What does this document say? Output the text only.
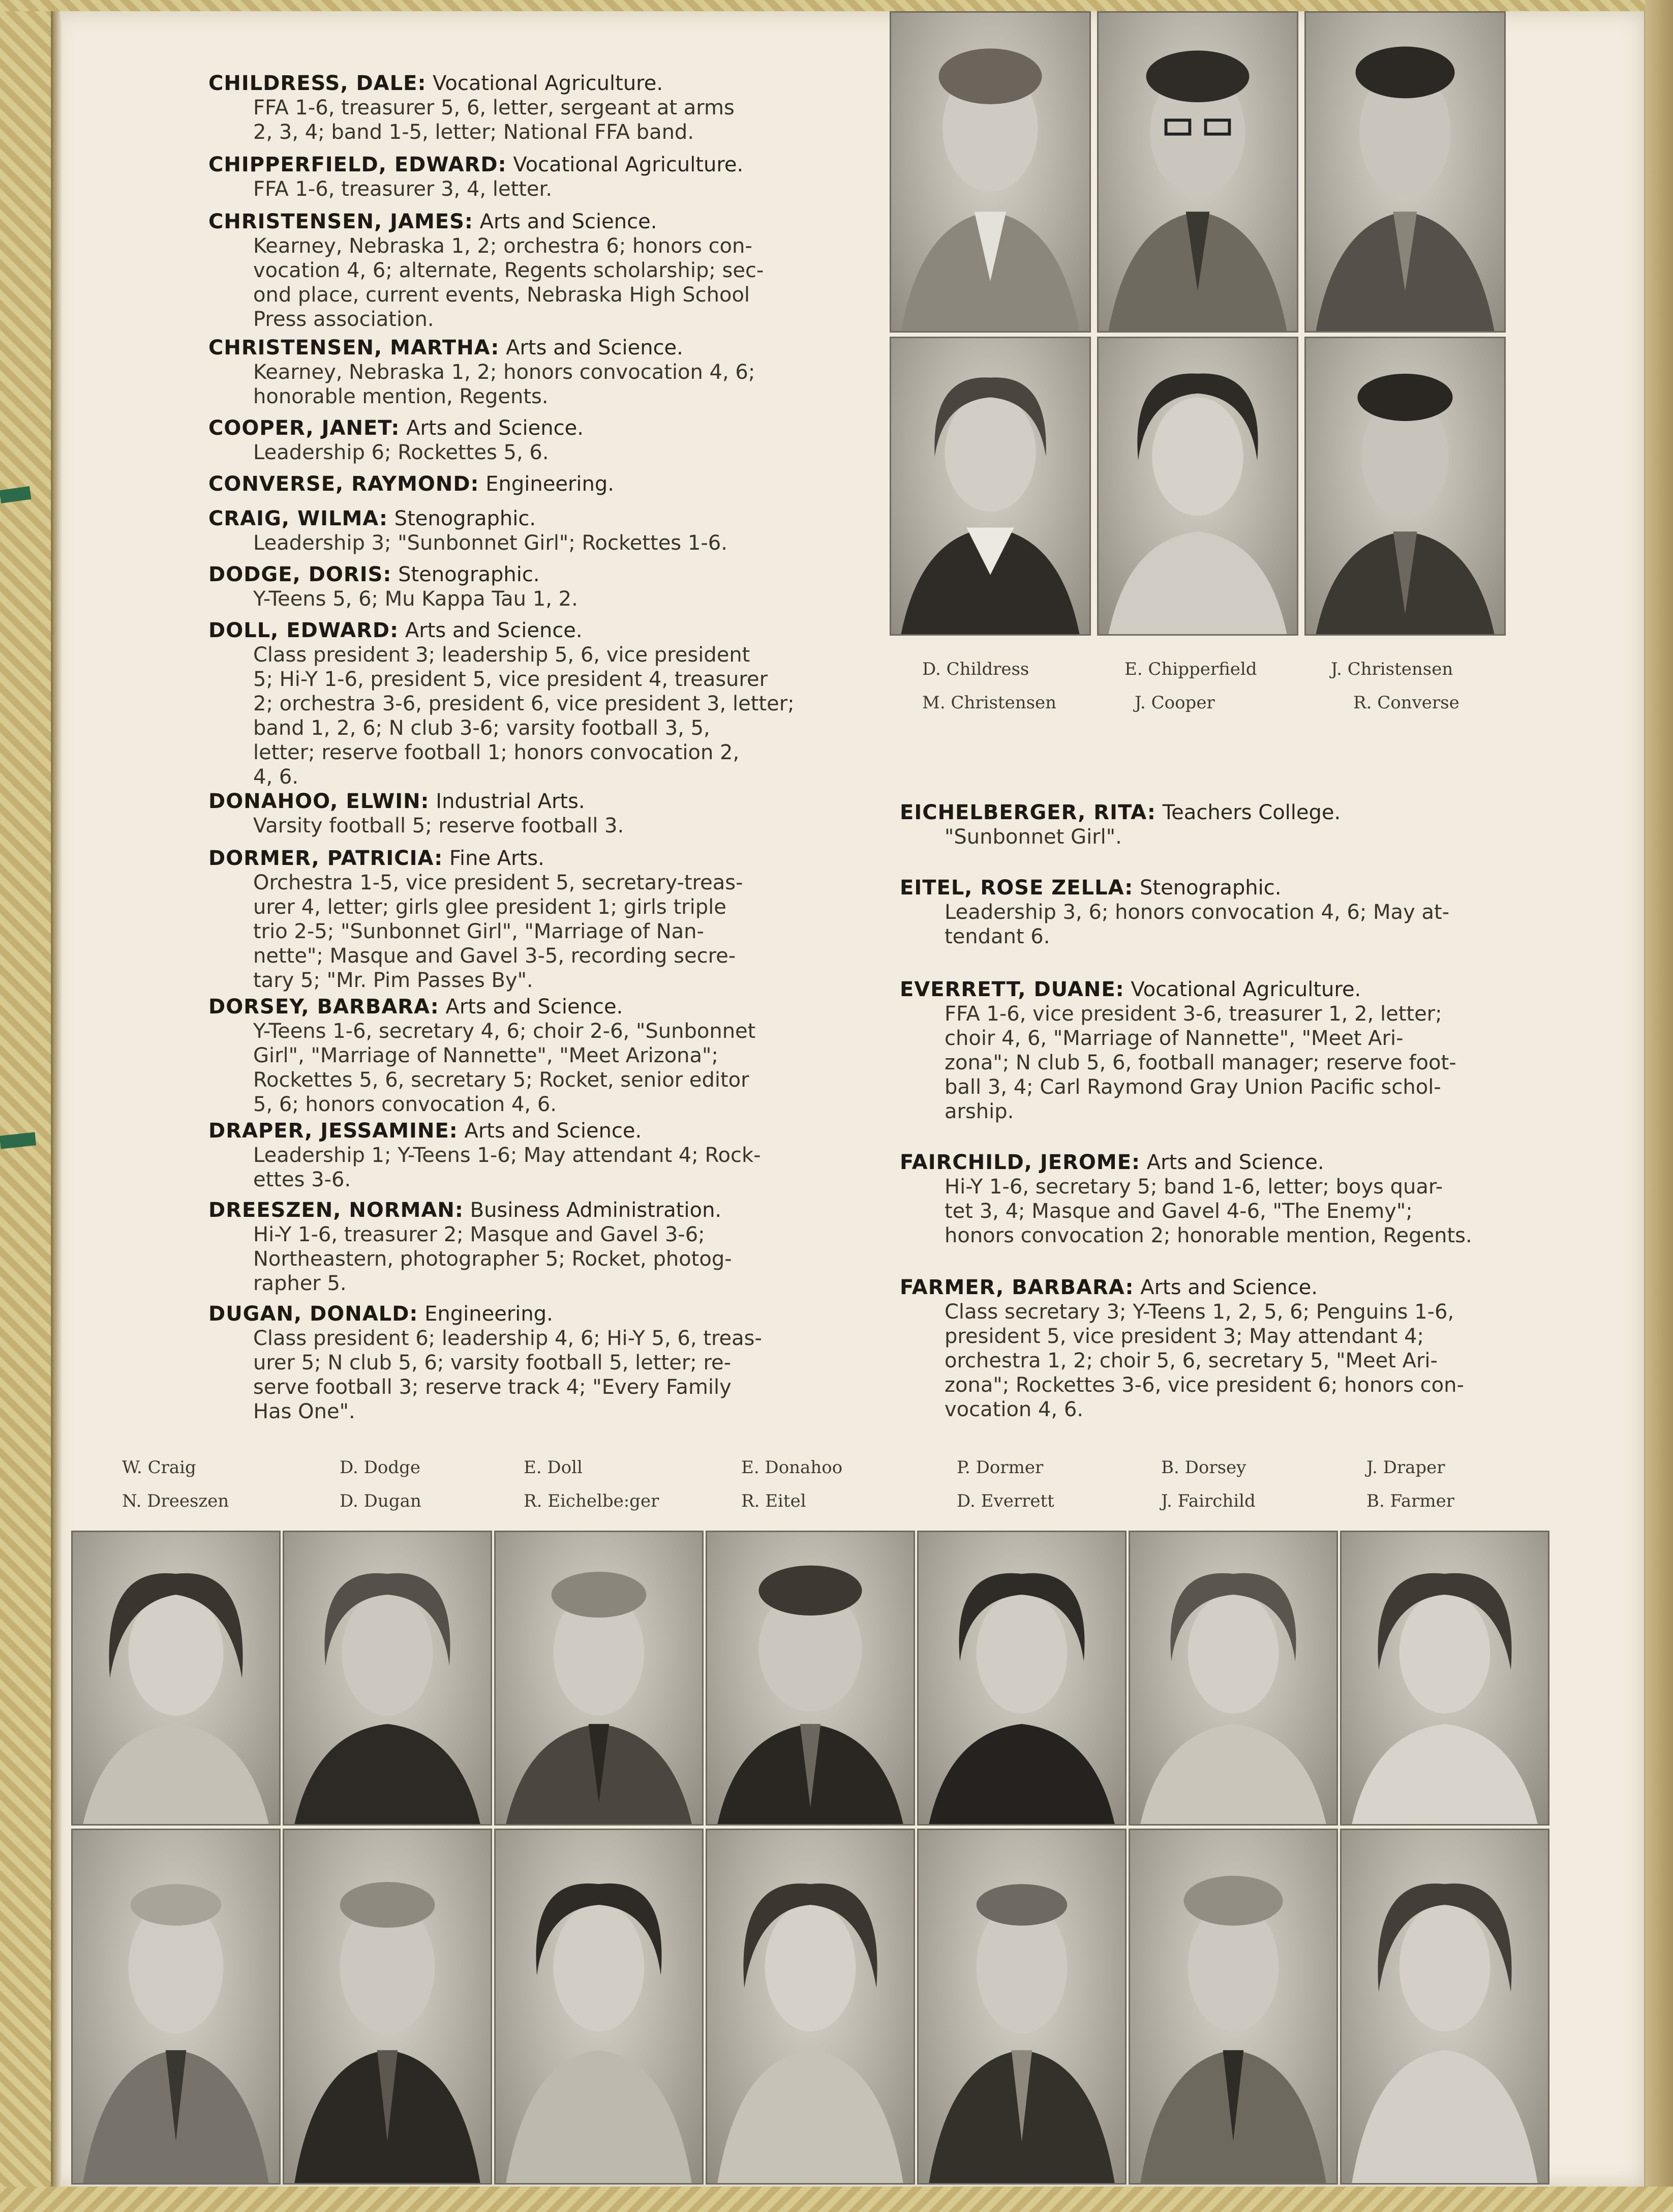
CHILDRESS, DALE: Vocational Agriculture.
FFA 1-6, treasurer 5, 6, letter, sergeant at arms
2, 3, 4; band 1-5, letter; National FFA band.
CHIPPERFIELD, EDWARD: Vocational Agriculture.
FFA 1-6, treasurer 3, 4, letter.
CHRISTENSEN, JAMES: Arts and Science.
Kearney, Nebraska 1, 2; orchestra 6; honors con-
vocation 4, 6; alternate, Regents scholarship; sec-
ond place, current events, Nebraska High School
Press association.
CHRISTENSEN, MARTHA: Arts and Science.
Kearney, Nebraska 1, 2; honors convocation 4, 6;
honorable mention, Regents.
COOPER, JANET: Arts and Science.
Leadership 6; Rockettes 5, 6.
CONVERSE, RAYMOND: Engineering.
CRAIG, WILMA: Stenographic.
Leadership 3; "Sunbonnet Girl"; Rockettes 1-6.
DODGE, DORIS: Stenographic.
Y-Teens 5, 6; Mu Kappa Tau 1, 2.
DOLL, EDWARD: Arts and Science.
Class president 3; leadership 5, 6, vice president
5; Hi-Y 1-6, president 5, vice president 4, treasurer
2; orchestra 3-6, president 6, vice president 3, letter;
band 1, 2, 6; N club 3-6; varsity football 3, 5,
letter; reserve football 1; honors convocation 2,
4, 6.
DONAHOO, ELWIN: Industrial Arts.
Varsity football 5; reserve football 3.
DORMER, PATRICIA: Fine Arts.
Orchestra 1-5, vice president 5, secretary-treas-
urer 4, letter; girls glee president 1; girls triple
trio 2-5; "Sunbonnet Girl", "Marriage of Nan-
nette"; Masque and Gavel 3-5, recording secre-
tary 5; "Mr. Pim Passes By".
DORSEY, BARBARA: Arts and Science.
Y-Teens 1-6, secretary 4, 6; choir 2-6, "Sunbonnet
Girl", "Marriage of Nannette", "Meet Arizona";
Rockettes 5, 6, secretary 5; Rocket, senior editor
5, 6; honors convocation 4, 6.
DRAPER, JESSAMINE: Arts and Science.
Leadership 1; Y-Teens 1-6; May attendant 4; Rock-
ettes 3-6.
DREESZEN, NORMAN: Business Administration.
Hi-Y 1-6, treasurer 2; Masque and Gavel 3-6;
Northeastern, photographer 5; Rocket, photog-
rapher 5.
DUGAN, DONALD: Engineering.
Class president 6; leadership 4, 6; Hi-Y 5, 6, treas-
urer 5; N club 5, 6; varsity football 5, letter; re-
serve football 3; reserve track 4; "Every Family
Has One".
EICHELBERGER, RITA: Teachers College.
"Sunbonnet Girl".
EITEL, ROSE ZELLA: Stenographic.
Leadership 3, 6; honors convocation 4, 6; May at-
tendant 6.
EVERRETT, DUANE: Vocational Agriculture.
FFA 1-6, vice president 3-6, treasurer 1, 2, letter;
choir 4, 6, "Marriage of Nannette", "Meet Ari-
zona"; N club 5, 6, football manager; reserve foot-
ball 3, 4; Carl Raymond Gray Union Pacific schol-
arship.
FAIRCHILD, JEROME: Arts and Science.
Hi-Y 1-6, secretary 5; band 1-6, letter; boys quar-
tet 3, 4; Masque and Gavel 4-6, "The Enemy";
honors convocation 2; honorable mention, Regents.
FARMER, BARBARA: Arts and Science.
Class secretary 3; Y-Teens 1, 2, 5, 6; Penguins 1-6,
president 5, vice president 3; May attendant 4;
orchestra 1, 2; choir 5, 6, secretary 5, "Meet Ari-
zona"; Rockettes 3-6, vice president 6; honors con-
vocation 4, 6.
D. Childress	E. Chipperfield	J. Christensen
M. Christensen	J. Cooper	R. Converse
W. Craig	D. Dodge	E. Doll	E. Donahoo	P. Dormer	B. Dorsey	J. Draper
N. Dreeszen	D. Dugan	R. Eichelbe:ger	R. Eitel	D. Everrett	J. Fairchild	B. Farmer
